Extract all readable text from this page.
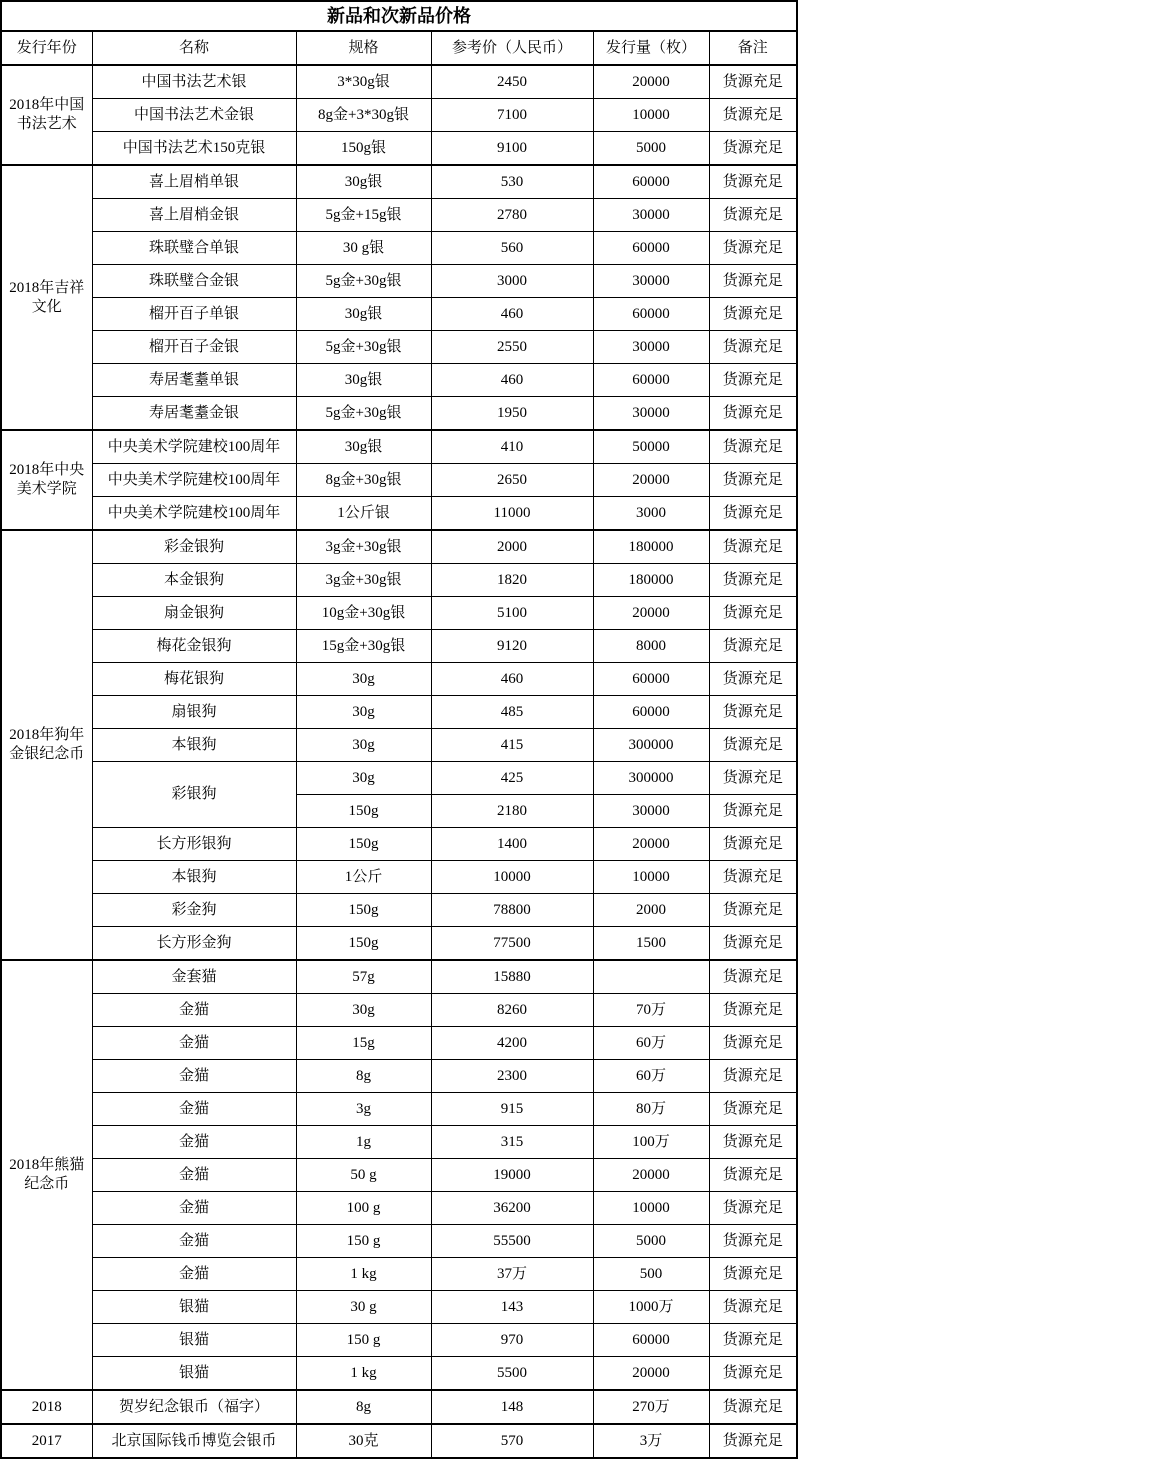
新品和次新品价格					
发行年份	名称	规格	参考价（人民币）	发行量（枚）	备注
2018年中国书法艺术	中国书法艺术银	3*30g银	2450	20000	货源充足
	中国书法艺术金银	8g金+3*30g银	7100	10000	货源充足
	中国书法艺术150克银	150g银	9100	5000	货源充足
2018年吉祥文化	喜上眉梢单银	30g银	530	60000	货源充足
	喜上眉梢金银	5g金+15g银	2780	30000	货源充足
	珠联璧合单银	30 g银	560	60000	货源充足
	珠联璧合金银	5g金+30g银	3000	30000	货源充足
	榴开百子单银	30g银	460	60000	货源充足
	榴开百子金银	5g金+30g银	2550	30000	货源充足
	寿居耄耋单银	30g银	460	60000	货源充足
	寿居耄耋金银	5g金+30g银	1950	30000	货源充足
2018年中央美术学院	中央美术学院建校100周年	30g银	410	50000	货源充足
	中央美术学院建校100周年	8g金+30g银	2650	20000	货源充足
	中央美术学院建校100周年	1公斤银	11000	3000	货源充足
2018年狗年金银纪念币	彩金银狗	3g金+30g银	2000	180000	货源充足
	本金银狗	3g金+30g银	1820	180000	货源充足
	扇金银狗	10g金+30g银	5100	20000	货源充足
	梅花金银狗	15g金+30g银	9120	8000	货源充足
	梅花银狗	30g	460	60000	货源充足
	扇银狗	30g	485	60000	货源充足
	本银狗	30g	415	300000	货源充足
	彩银狗	30g	425	300000	货源充足
		150g	2180	30000	货源充足
	长方形银狗	150g	1400	20000	货源充足
	本银狗	1公斤	10000	10000	货源充足
	彩金狗	150g	78800	2000	货源充足
	长方形金狗	150g	77500	1500	货源充足
2018年熊猫纪念币	金套猫	57g	15880		货源充足
	金猫	30g	8260	70万	货源充足
	金猫	15g	4200	60万	货源充足
	金猫	8g	2300	60万	货源充足
	金猫	3g	915	80万	货源充足
	金猫	1g	315	100万	货源充足
	金猫	50 g	19000	20000	货源充足
	金猫	100 g	36200	10000	货源充足
	金猫	150 g	55500	5000	货源充足
	金猫	1 kg	37万	500	货源充足
	银猫	30 g	143	1000万	货源充足
	银猫	150 g	970	60000	货源充足
	银猫	1 kg	5500	20000	货源充足
2018	贺岁纪念银币（福字）	8g	148	270万	货源充足
2017	北京国际钱币博览会银币	30克	570	3万	货源充足
